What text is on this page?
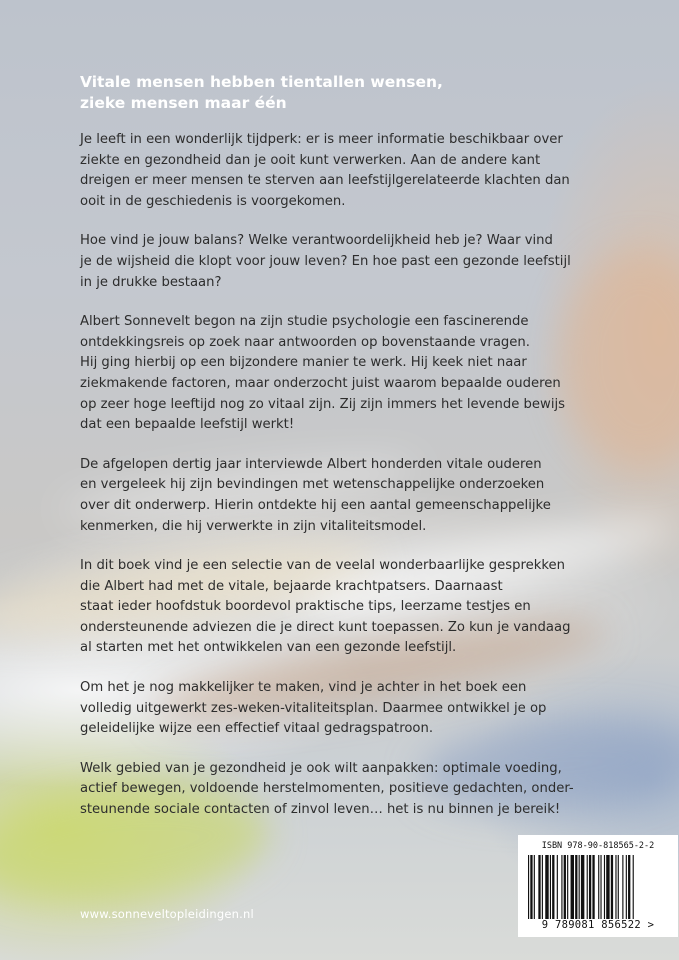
Vitale mensen hebben tientallen wensen,
zieke mensen maar één

Je leeft in een wonderlijk tijdperk: er is meer informatie beschikbaar over
ziekte en gezondheid dan je ooit kunt verwerken. Aan de andere kant
dreigen er meer mensen te sterven aan leefstijlgerelateerde klachten dan
ooit in de geschiedenis is voorgekomen.

Hoe vind je jouw balans? Welke verantwoordelijkheid heb je? Waar vind
je de wijsheid die klopt voor jouw leven? En hoe past een gezonde leefstijl
in je drukke bestaan?

Albert Sonnevelt begon na zijn studie psychologie een fascinerende
ontdekkingsreis op zoek naar antwoorden op bovenstaande vragen.
Hij ging hierbij op een bijzondere manier te werk. Hij keek niet naar
ziekmakende factoren, maar onderzocht juist waarom bepaalde ouderen
op zeer hoge leeftijd nog zo vitaal zijn. Zij zijn immers het levende bewijs
dat een bepaalde leefstijl werkt!

De afgelopen dertig jaar interviewde Albert honderden vitale ouderen
en vergeleek hij zijn bevindingen met wetenschappelijke onderzoeken
over dit onderwerp. Hierin ontdekte hij een aantal gemeenschappelijke
kenmerken, die hij verwerkte in zijn vitaliteitsmodel.

In dit boek vind je een selectie van de veelal wonderbaarlijke gesprekken
die Albert had met de vitale, bejaarde krachtpatsers. Daarnaast
staat ieder hoofdstuk boordevol praktische tips, leerzame testjes en
ondersteunende adviezen die je direct kunt toepassen. Zo kun je vandaag
al starten met het ontwikkelen van een gezonde leefstijl.

Om het je nog makkelijker te maken, vind je achter in het boek een
volledig uitgewerkt zes-weken-vitaliteitsplan. Daarmee ontwikkel je op
geleidelijke wijze een effectief vitaal gedragspatroon.

Welk gebied van je gezondheid je ook wilt aanpakken: optimale voeding,
actief bewegen, voldoende herstelmomenten, positieve gedachten, onder-
steunende sociale contacten of zinvol leven… het is nu binnen je bereik!

www.sonneveltopleidingen.nl
ISBN 978-90-818565-2-2
9 789081 856522 >
